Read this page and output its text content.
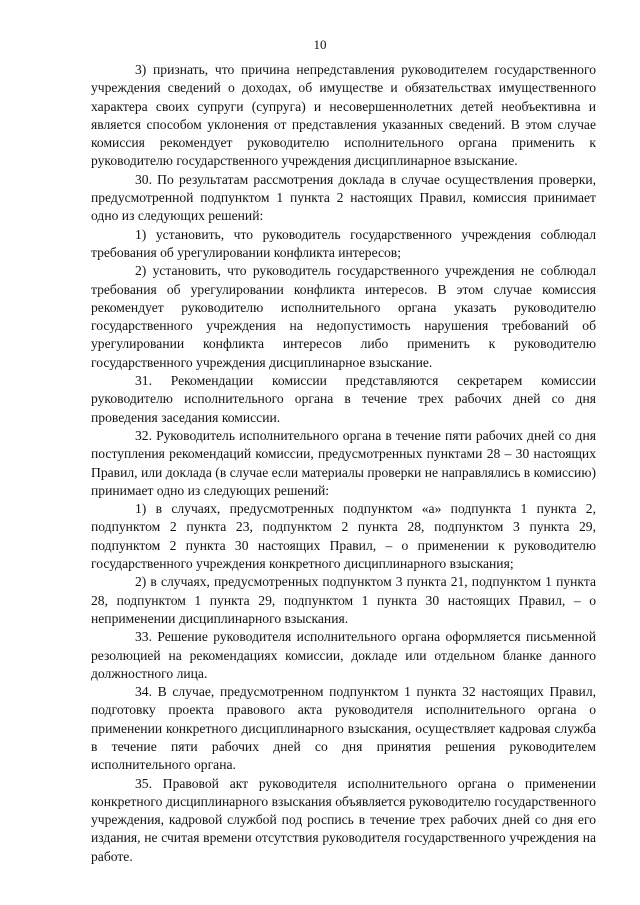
10

3) признать, что причина непредставления руководителем государственного учреждения сведений о доходах, об имуществе и обязательствах имущественного характера своих супруги (супруга) и несовершеннолетних детей необъективна и является способом уклонения от представления указанных сведений. В этом случае комиссия рекомендует руководителю исполнительного органа применить к руководителю государственного учреждения дисциплинарное взыскание.

30. По результатам рассмотрения доклада в случае осуществления проверки, предусмотренной подпунктом 1 пункта 2 настоящих Правил, комиссия принимает одно из следующих решений:

1) установить, что руководитель государственного учреждения соблюдал требования об урегулировании конфликта интересов;

2) установить, что руководитель государственного учреждения не соблюдал требования об урегулировании конфликта интересов. В этом случае комиссия рекомендует руководителю исполнительного органа указать руководителю государственного учреждения на недопустимость нарушения требований об урегулировании конфликта интересов либо применить к руководителю государственного учреждения дисциплинарное взыскание.

31. Рекомендации комиссии представляются секретарем комиссии руководителю исполнительного органа в течение трех рабочих дней со дня проведения заседания комиссии.

32. Руководитель исполнительного органа в течение пяти рабочих дней со дня поступления рекомендаций комиссии, предусмотренных пунктами 28 – 30 настоящих Правил, или доклада (в случае если материалы проверки не направлялись в комиссию) принимает одно из следующих решений:

1) в случаях, предусмотренных подпунктом «а» подпункта 1 пункта 2, подпунктом 2 пункта 23, подпунктом 2 пункта 28, подпунктом 3 пункта 29, подпунктом 2 пункта 30 настоящих Правил, – о применении к руководителю государственного учреждения конкретного дисциплинарного взыскания;

2) в случаях, предусмотренных подпунктом 3 пункта 21, подпунктом 1 пункта 28, подпунктом 1 пункта 29, подпунктом 1 пункта 30 настоящих Правил, – о неприменении дисциплинарного взыскания.

33. Решение руководителя исполнительного органа оформляется письменной резолюцией на рекомендациях комиссии, докладе или отдельном бланке данного должностного лица.

34. В случае, предусмотренном подпунктом 1 пункта 32 настоящих Правил, подготовку проекта правового акта руководителя исполнительного органа о применении конкретного дисциплинарного взыскания, осуществляет кадровая служба в течение пяти рабочих дней со дня принятия решения руководителем исполнительного органа.

35. Правовой акт руководителя исполнительного органа о применении конкретного дисциплинарного взыскания объявляется руководителю государственного учреждения, кадровой службой под роспись в течение трех рабочих дней со дня его издания, не считая времени отсутствия руководителя государственного учреждения на работе.
